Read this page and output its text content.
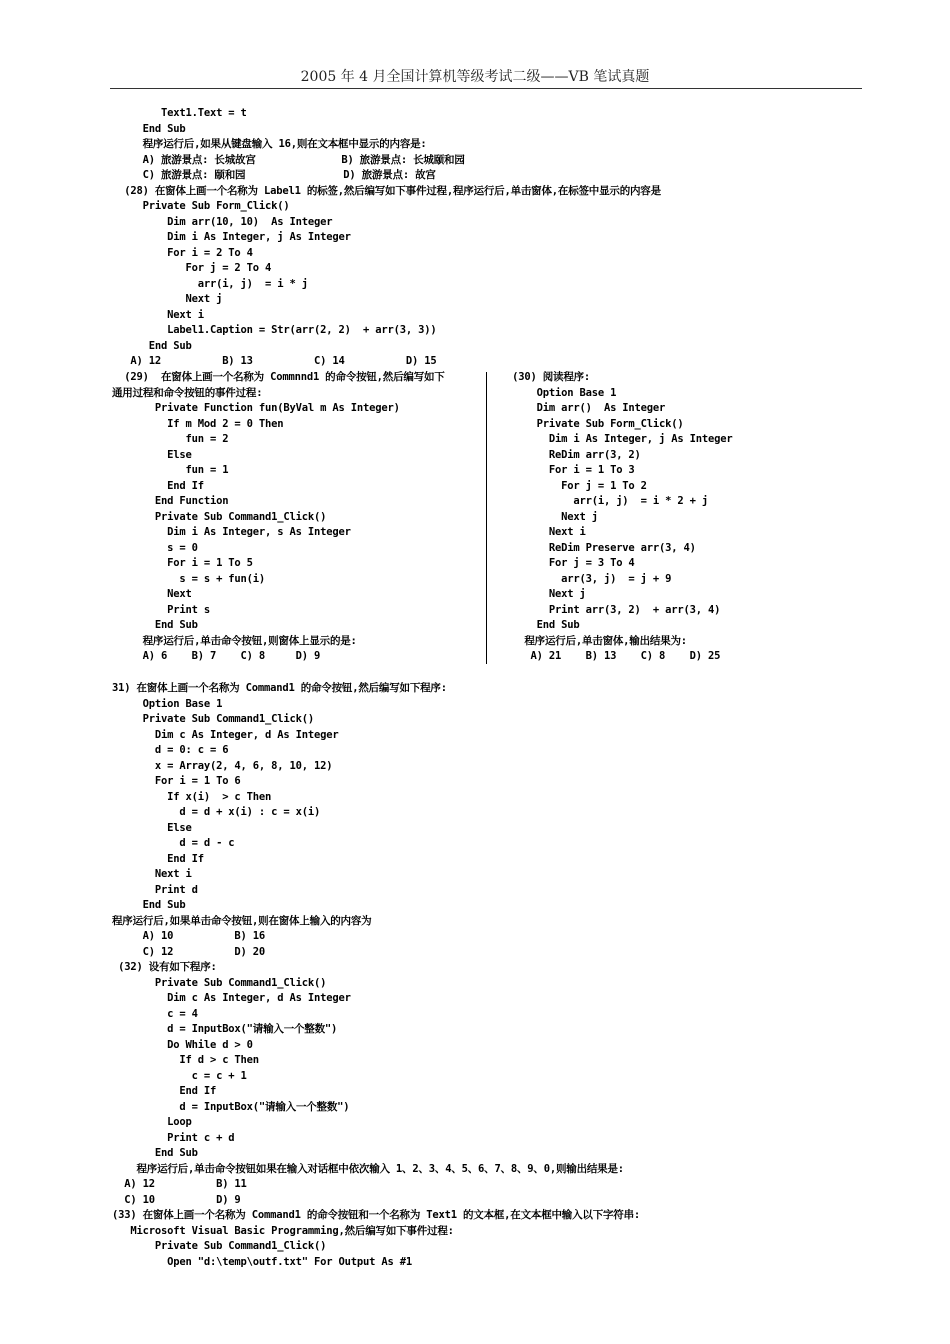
2005 年 4 月全国计算机等级考试二级——VB 笔试真题
Text1.Text = t
End Sub
程序运行后,如果从键盘输入 16,则在文本框中显示的内容是:
A) 旅游景点: 长城故宫              B) 旅游景点: 长城颐和园
C) 旅游景点: 颐和园                D) 旅游景点: 故宫
(28) 在窗体上画一个名称为 Label1 的标签,然后编写如下事件过程,程序运行后,单击窗体,在标签中显示的内容是
Private Sub Form_Click()
Dim arr(10, 10)  As Integer
Dim i As Integer, j As Integer
For i = 2 To 4
For j = 2 To 4
arr(i, j)  = i * j
Next j
Next i
Label1.Caption = Str(arr(2, 2)  + arr(3, 3))
End Sub
A) 12          B) 13          C) 14          D) 15
(29)  在窗体上画一个名称为 Commnnd1 的命令按钮,然后编写如下
通用过程和命令按钮的事件过程:
Private Function fun(ByVal m As Integer)
If m Mod 2 = 0 Then
fun = 2
Else
fun = 1
End If
End Function
Private Sub Command1_Click()
Dim i As Integer, s As Integer
s = 0
For i = 1 To 5
s = s + fun(i)
Next
Print s
End Sub
程序运行后,单击命令按钮,则窗体上显示的是:
A) 6    B) 7    C) 8     D) 9
(30) 阅读程序:
Option Base 1
Dim arr()  As Integer
Private Sub Form_Click()
Dim i As Integer, j As Integer
ReDim arr(3, 2)
For i = 1 To 3
For j = 1 To 2
arr(i, j)  = i * 2 + j
Next j
Next i
ReDim Preserve arr(3, 4)
For j = 3 To 4
arr(3, j)  = j + 9
Next j
Print arr(3, 2)  + arr(3, 4)
End Sub
程序运行后,单击窗体,输出结果为:
A) 21    B) 13    C) 8    D) 25
31) 在窗体上画一个名称为 Command1 的命令按钮,然后编写如下程序:
Option Base 1
Private Sub Command1_Click()
Dim c As Integer, d As Integer
d = 0: c = 6
x = Array(2, 4, 6, 8, 10, 12)
For i = 1 To 6
If x(i)  > c Then
d = d + x(i) : c = x(i)
Else
d = d - c
End If
Next i
Print d
End Sub
程序运行后,如果单击命令按钮,则在窗体上输入的内容为
A) 10          B) 16
C) 12          D) 20
(32) 设有如下程序:
Private Sub Command1_Click()
Dim c As Integer, d As Integer
c = 4
d = InputBox("请输入一个整数")
Do While d > 0
If d > c Then
c = c + 1
End If
d = InputBox("请输入一个整数")
Loop
Print c + d
End Sub
程序运行后,单击命令按钮如果在输入对话框中依次输入 1、2、3、4、5、6、7、8、9、0,则输出结果是:
A) 12          B) 11
C) 10          D) 9
(33) 在窗体上画一个名称为 Command1 的命令按钮和一个名称为 Text1 的文本框,在文本框中输入以下字符串:
Microsoft Visual Basic Programming,然后编写如下事件过程:
Private Sub Command1_Click()
Open "d:\temp\outf.txt" For Output As #1
